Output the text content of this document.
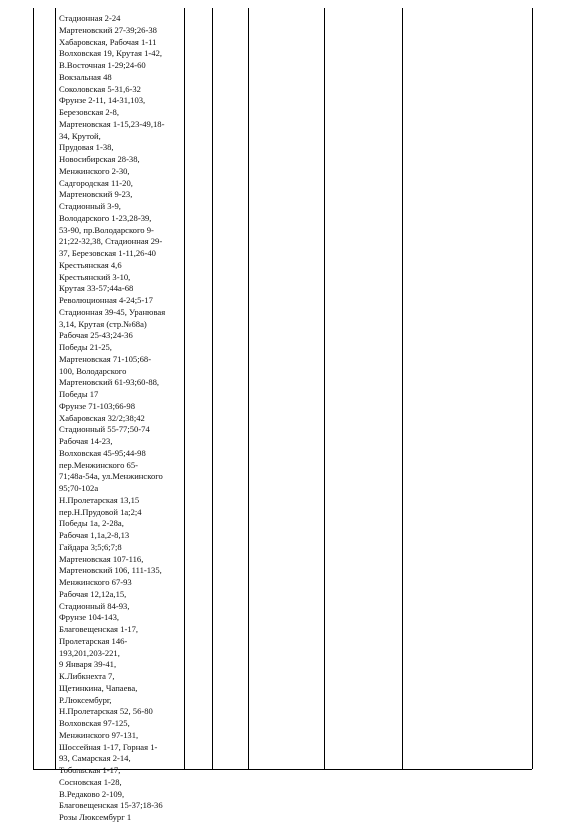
Стадионная 2-24
Мартеновский 27-39;26-38
Хабаровская, Рабочая 1-11
Волховская 19, Крутая 1-42,
В.Восточная 1-29;24-60
Вокзальная 48
Соколовская 5-31,6-32
Фрунзе 2-11, 14-31,103,
Березовская 2-8,
Мартеновская 1-15,23-49,18-
34, Крутой,
Прудовая 1-38,
Новосибирская 28-38,
Менжинского 2-30,
Садгородская 11-20,
Мартеновский 9-23,
Стадионный 3-9,
Володарского 1-23,28-39,
53-90, пр.Володарского 9-
21;22-32,38, Стадионная 29-
37, Березовская 1-11,26-40
Крестьянская 4,6
Крестьянский 3-10,
Крутая 33-57;44а-68
Революционная 4-24;5-17
Стадионная 39-45, Уранювая
3,14, Крутая (стр.№68а)
Рабочая 25-43;24-36
Победы 21-25,
Мартеновская 71-105;68-
100, Володарского
Мартеновский 61-93;60-88,
Победы 17
Фрунзе 71-103;66-98
Хабаровская 32/2;38;42
Стадионный 55-77;50-74
Рабочая 14-23,
Волховская 45-95;44-98
пер.Менжинского 65-
71;48а-54а, ул.Менжинского
95;70-102а
Н.Пролетарская 13,15
пер.Н.Прудовой 1а;2;4
Победы 1а, 2-28а,
Рабочая 1,1а,2-8,13
Гайдара 3;5;6;7;8
Мартеновская 107-116,
Мартеновский 106, 111-135,
Менжинского 67-93
Рабочая 12,12а,15,
Стадионный 84-93,
Фрунзе 104-143,
Благовещенская 1-17,
Пролетарская 146-
193,201,203-221,
9 Января 39-41,
К.Либкнехта 7,
Щетинкина, Чапаева,
Р.Люксембург,
Н.Пролетарская 52, 56-80
Волховская 97-125,
Менжинского 97-131,
Шоссейная 1-17, Горная 1-
93, Самарская 2-14,
Тобольская 1-17,
Сосновская 1-28,
В.Редаково 2-109,
Благовещенская 15-37;18-36
Розы Люксембург 1
